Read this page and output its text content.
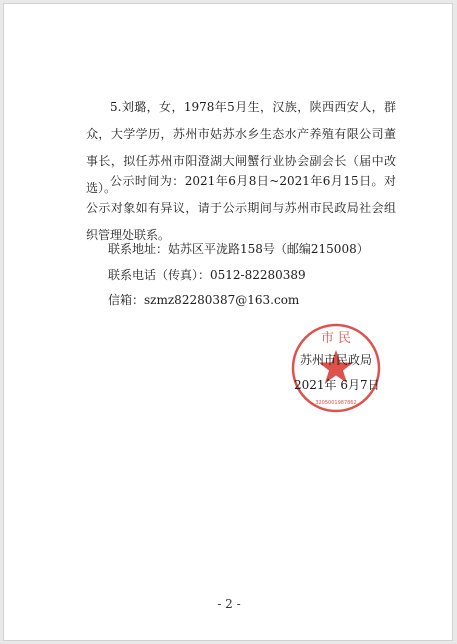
5.刘璐，女，1978年5月生，汉族，陕西西安人，群众，大学学历，苏州市姑苏水乡生态水产养殖有限公司董事长，拟任苏州市阳澄湖大闸蟹行业协会副会长（届中改选）。
公示时间为：2021年6月8日~2021年6月15日。对公示对象如有异议，请于公示期间与苏州市民政局社会组织管理处联系。
联系地址：姑苏区平泷路158号（邮编215008）
联系电话（传真）：0512-82280389
信箱：szmz82280387@163.com
市 民
3205001987862
苏州市民政局
2021年 6月7日
- 2 -
